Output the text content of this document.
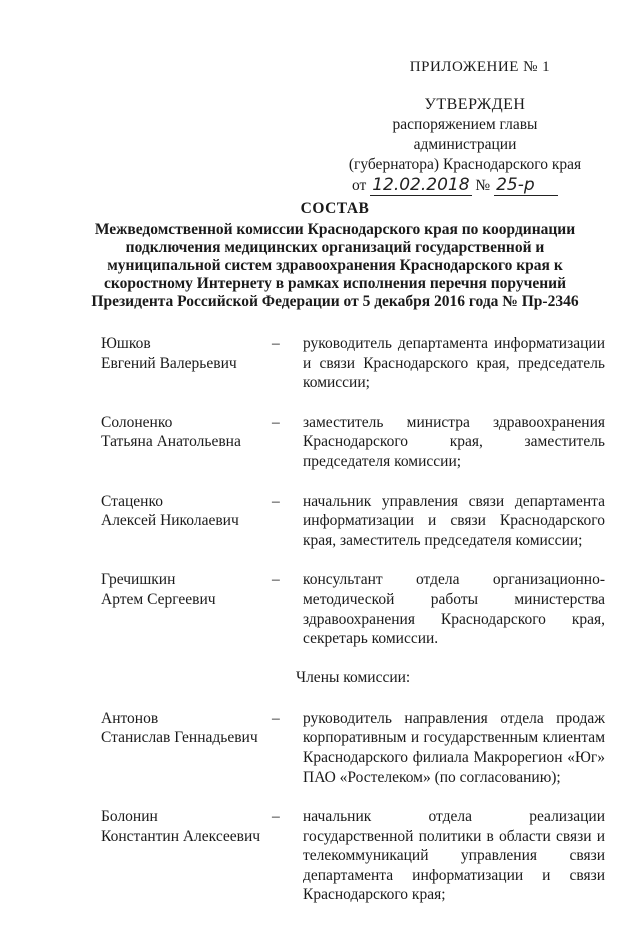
ПРИЛОЖЕНИЕ № 1
УТВЕРЖДЕН
распоряжением главы администрации
(губернатора) Краснодарского края
от 12.02.2018 № 25-р
СОСТАВ
Межведомственной комиссии Краснодарского края по координации
подключения медицинских организаций государственной и
муниципальной систем здравоохранения Краснодарского края к
скоростному Интернету в рамках исполнения перечня поручений
Президента Российской Федерации от 5 декабря 2016 года № Пр-2346
Юшков
Евгений Валерьевич
– руководитель департамента информатизации и связи Краснодарского края, председатель комиссии;
Солоненко
Татьяна Анатольевна
– заместитель министра здравоохранения Краснодарского края, заместитель председателя комиссии;
Стаценко
Алексей Николаевич
– начальник управления связи департамента информатизации и связи Краснодарского края, заместитель председателя комиссии;
Гречишкин
Артем Сергеевич
– консультант отдела организационно-методической работы министерства здравоохранения Краснодарского края, секретарь комиссии.
Члены комиссии:
Антонов
Станислав Геннадьевич
– руководитель направления отдела продаж корпоративным и государственным клиентам Краснодарского филиала Макрорегион «Юг» ПАО «Ростелеком» (по согласованию);
Болонин
Константин Алексеевич
– начальник отдела реализации государственной политики в области связи и телекоммуникаций управления связи департамента информатизации и связи Краснодарского края;
